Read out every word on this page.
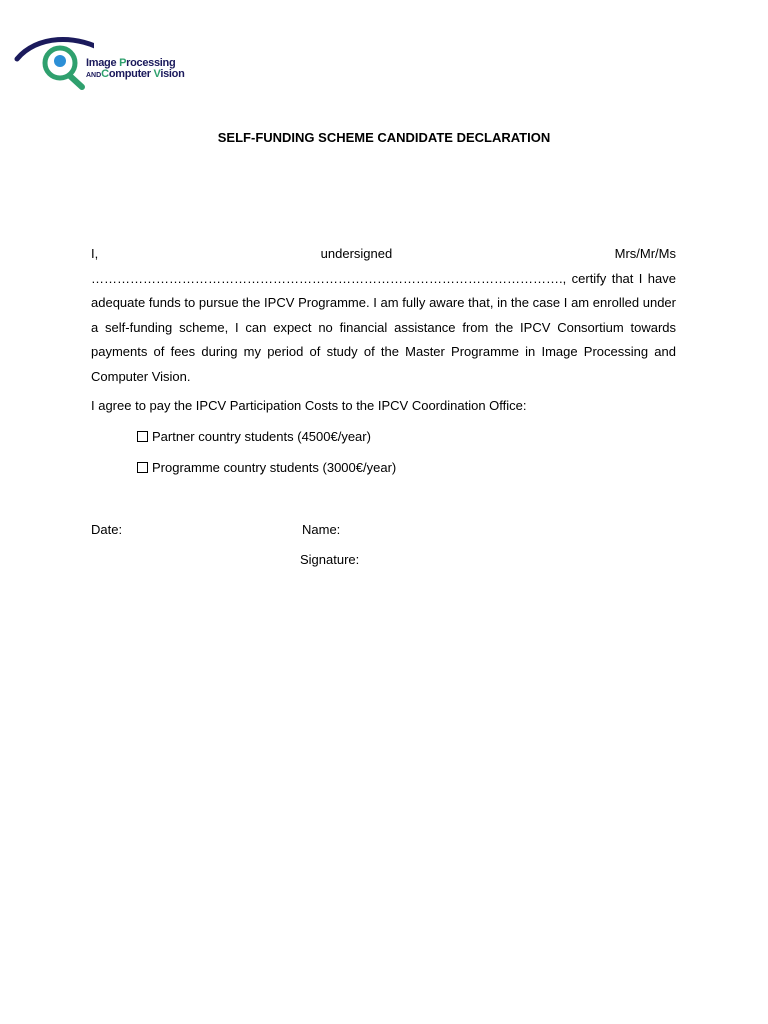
Image Processing
ANDComputer Vision
SELF-FUNDING SCHEME CANDIDATE DECLARATION
I, undersigned Mrs/Mr/Ms ………………………………………………………………………………………………., certify that I have adequate funds to pursue the IPCV Programme. I am fully aware that, in the case I am enrolled under a self-funding scheme, I can expect no financial assistance from the IPCV Consortium towards payments of fees during my period of study of the Master Programme in Image Processing and Computer Vision.
I agree to pay the IPCV Participation Costs to the IPCV Coordination Office:
Partner country students (4500€/year)
Programme country students (3000€/year)
Date:	Name:
Signature:
